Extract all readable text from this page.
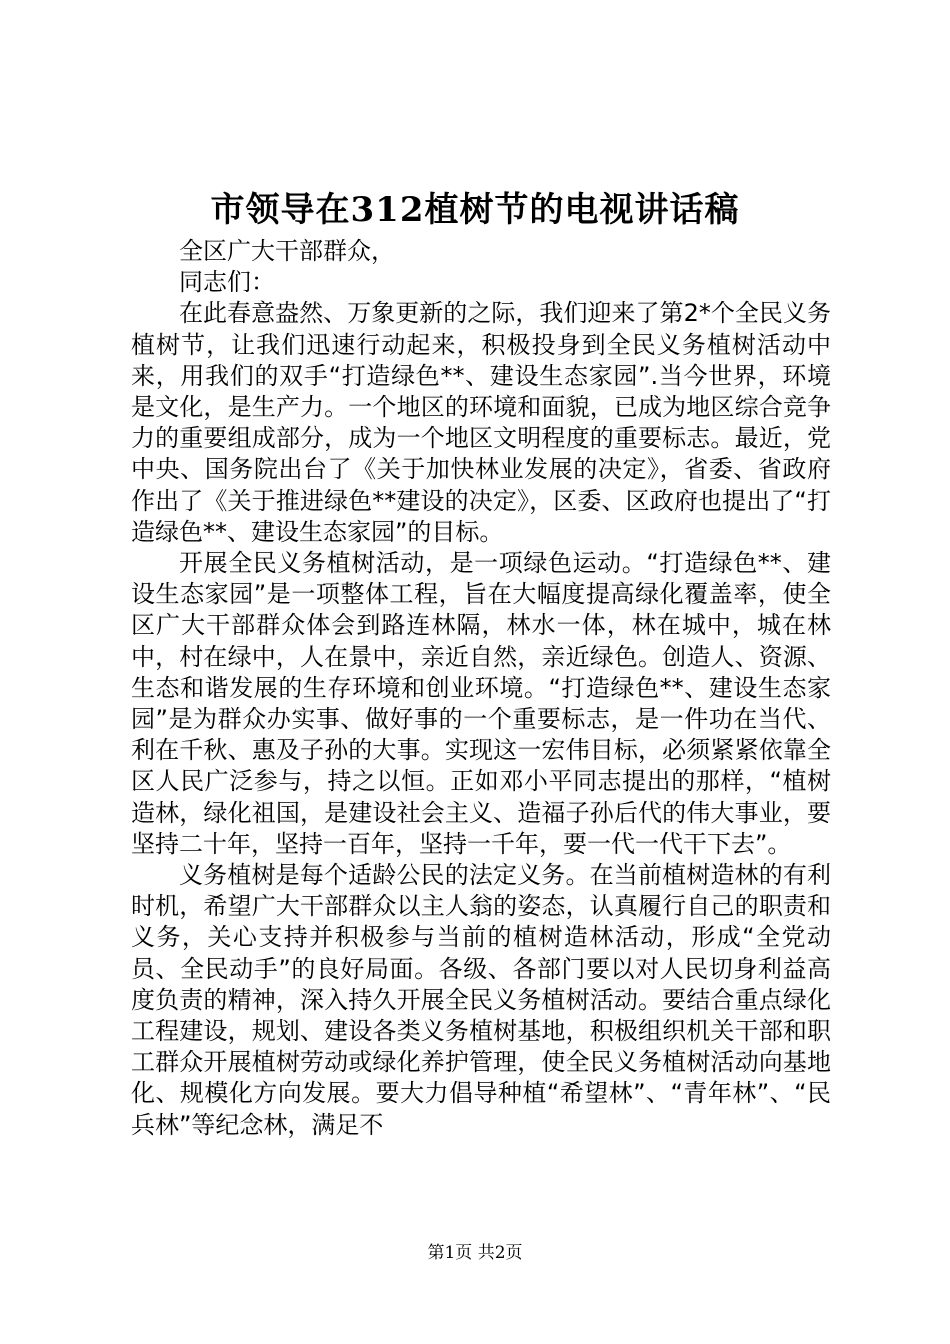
市领导在312植树节的电视讲话稿

全区广大干部群众，

同志们：

在此春意盎然、万象更新的之际，我们迎来了第2*个全民义务植树节，让我们迅速行动起来，积极投身到全民义务植树活动中来，用我们的双手“打造绿色**、建设生态家园”.当今世界，环境是文化，是生产力。一个地区的环境和面貌，已成为地区综合竞争力的重要组成部分，成为一个地区文明程度的重要标志。最近，党中央、国务院出台了《关于加快林业发展的决定》，省委、省政府作出了《关于推进绿色**建设的决定》，区委、区政府也提出了“打造绿色**、建设生态家园”的目标。

开展全民义务植树活动，是一项绿色运动。“打造绿色**、建设生态家园”是一项整体工程，旨在大幅度提高绿化覆盖率，使全区广大干部群众体会到路连林隔，林水一体，林在城中，城在林中，村在绿中，人在景中，亲近自然，亲近绿色。创造人、资源、生态和谐发展的生存环境和创业环境。“打造绿色**、建设生态家园”是为群众办实事、做好事的一个重要标志，是一件功在当代、利在千秋、惠及子孙的大事。实现这一宏伟目标，必须紧紧依靠全区人民广泛参与，持之以恒。正如邓小平同志提出的那样，“植树造林，绿化祖国，是建设社会主义、造福子孙后代的伟大事业，要坚持二十年，坚持一百年，坚持一千年，要一代一代干下去”。

义务植树是每个适龄公民的法定义务。在当前植树造林的有利时机，希望广大干部群众以主人翁的姿态，认真履行自己的职责和义务，关心支持并积极参与当前的植树造林活动，形成“全党动员、全民动手”的良好局面。各级、各部门要以对人民切身利益高度负责的精神，深入持久开展全民义务植树活动。要结合重点绿化工程建设，规划、建设各类义务植树基地，积极组织机关干部和职工群众开展植树劳动或绿化养护管理，使全民义务植树活动向基地化、规模化方向发展。要大力倡导种植“希望林”、“青年林”、“民兵林”等纪念林，满足不

第1页 共2页
